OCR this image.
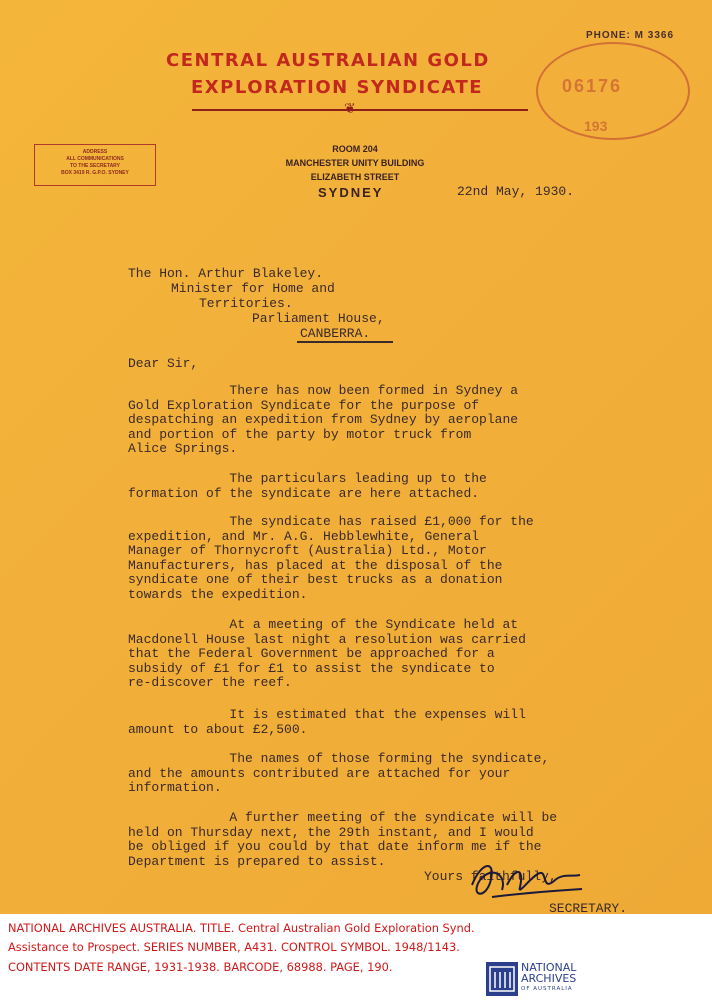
PHONE: M 3366
CENTRAL AUSTRALIAN GOLD
EXPLORATION SYNDICATE
❦
06176
193
ADDRESS
ALL COMMUNICATIONS
TO THE SECRETARY
BOX 3419 R. G.P.O. SYDNEY
ROOM 204
MANCHESTER UNITY BUILDING
ELIZABETH STREET
SYDNEY	22nd May, 1930.
The Hon. Arthur Blakeley.
Minister for Home and
Territories.
Parliament House,
CANBERRA.
Dear Sir,
There has now been formed in Sydney a
Gold Exploration Syndicate for the purpose of
despatching an expedition from Sydney by aeroplane
and portion of the party by motor truck from
Alice Springs.
The particulars leading up to the
formation of the syndicate are here attached.
The syndicate has raised £1,000 for the
expedition, and Mr. A.G. Hebblewhite, General
Manager of Thornycroft (Australia) Ltd., Motor
Manufacturers, has placed at the disposal of the
syndicate one of their best trucks as a donation
towards the expedition.
At a meeting of the Syndicate held at
Macdonell House last night a resolution was carried
that the Federal Government be approached for a
subsidy of £1 for £1 to assist the syndicate to
re-discover the reef.
It is estimated that the expenses will
amount to about £2,500.
The names of those forming the syndicate,
and the amounts contributed are attached for your
information.
A further meeting of the syndicate will be
held on Thursday next, the 29th instant, and I would
be obliged if you could by that date inform me if the
Department is prepared to assist.
Yours faithfully,
SECRETARY.
NATIONAL ARCHIVES AUSTRALIA. TITLE. Central Australian Gold Exploration Synd.
Assistance to Prospect. SERIES NUMBER, A431. CONTROL SYMBOL. 1948/1143.
CONTENTS DATE RANGE, 1931-1938. BARCODE, 68988. PAGE, 190.	NATIONAL
ARCHIVES
OF AUSTRALIA
